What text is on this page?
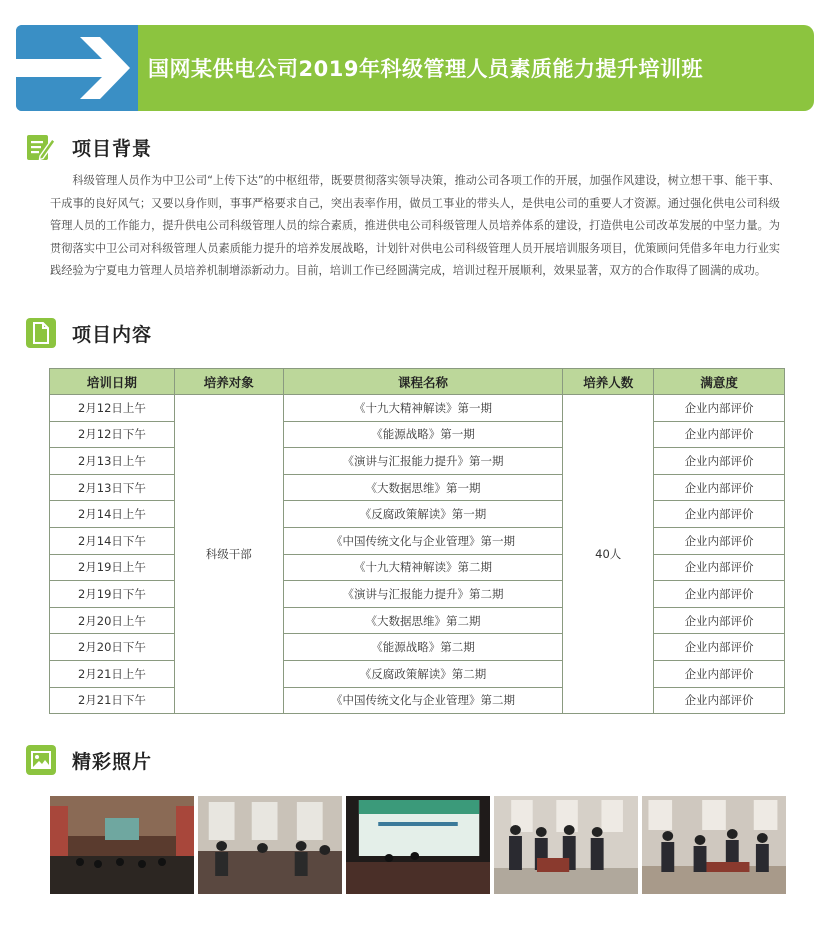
国网某供电公司2019年科级管理人员素质能力提升培训班
项目背景

科级管理人员作为中卫公司“上传下达”的中枢纽带，既要贯彻落实领导决策，推动公司各项工作的开展，加强作风建设，树立想干事、能干事、干成事的良好风气；又要以身作则，事事严格要求自己，突出表率作用，做员工事业的带头人，是供电公司的重要人才资源。通过强化供电公司科级管理人员的工作能力，提升供电公司科级管理人员的综合素质，推进供电公司科级管理人员培养体系的建设，打造供电公司改革发展的中坚力量。为贯彻落实中卫公司对科级管理人员素质能力提升的培养发展战略，计划针对供电公司科级管理人员开展培训服务项目，优策顾问凭借多年电力行业实践经验为宁夏电力管理人员培养机制增添新动力。目前，培训工作已经圆满完成，培训过程开展顺利，效果显著，双方的合作取得了圆满的成功。

项目内容
培训日期	培养对象	课程名称	培养人数	满意度
2月12日上午	科级干部	《十九大精神解读》第一期	40人	企业内部评价
2月12日下午		《能源战略》第一期		企业内部评价
2月13日上午		《演讲与汇报能力提升》第一期		企业内部评价
2月13日下午		《大数据思维》第一期		企业内部评价
2月14日上午		《反腐政策解读》第一期		企业内部评价
2月14日下午		《中国传统文化与企业管理》第一期		企业内部评价
2月19日上午		《十九大精神解读》第二期		企业内部评价
2月19日下午		《演讲与汇报能力提升》第二期		企业内部评价
2月20日上午		《大数据思维》第二期		企业内部评价
2月20日下午		《能源战略》第二期		企业内部评价
2月21日上午		《反腐政策解读》第二期		企业内部评价
2月21日下午		《中国传统文化与企业管理》第二期		企业内部评价
精彩照片
